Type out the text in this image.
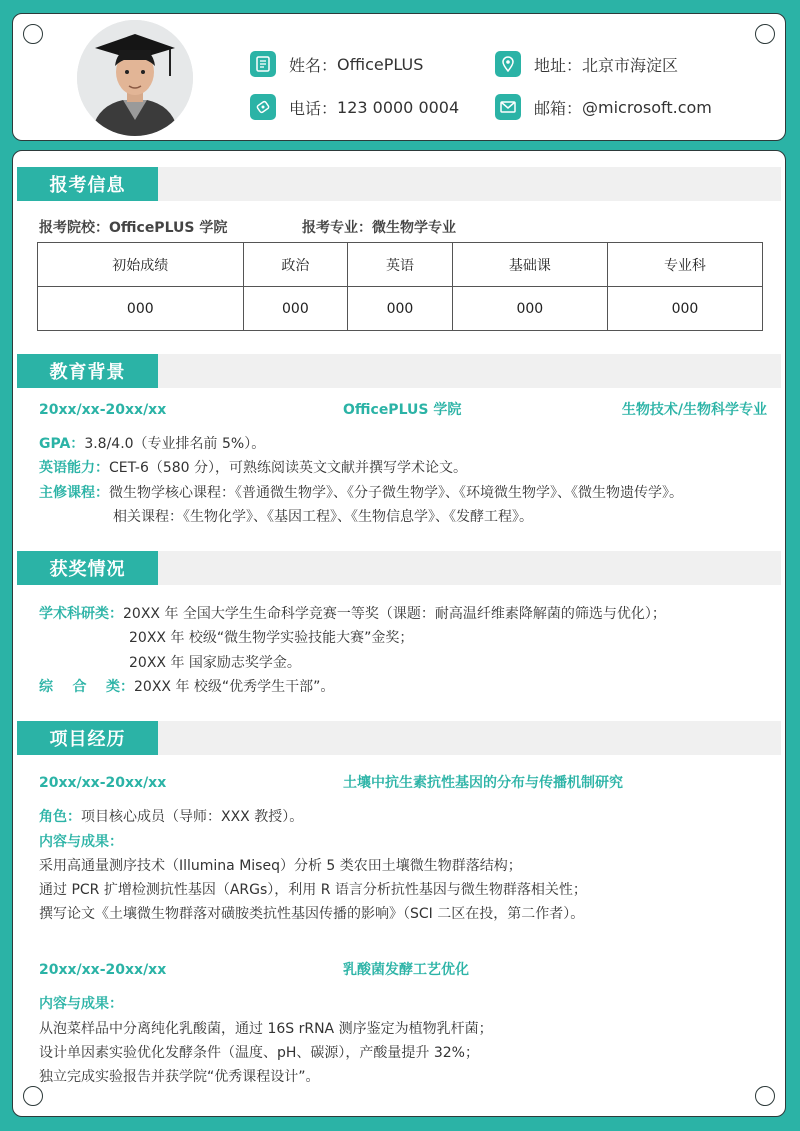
姓名： OfficePLUS	地址： 北京市海淀区
电话： 123 0000 0004	邮箱： @microsoft.com
报考信息
报考院校：OfficePLUS 学院	报考专业：微生物学专业
初始成绩	政治	英语	基础课	专业科
000	000	000	000	000
教育背景
20xx/xx-20xx/xx	OfficePLUS 学院	生物技术/生物科学专业
GPA：3.8/4.0（专业排名前 5%）。
英语能力：CET-6（580 分），可熟练阅读英文文献并撰写学术论文。
主修课程：微生物学核心课程：《普通微生物学》、《分子微生物学》、《环境微生物学》、《微生物遗传学》。
相关课程：《生物化学》、《基因工程》、《生物信息学》、《发酵工程》。
获奖情况
学术科研类：20XX 年 全国大学生生命科学竞赛一等奖（课题：耐高温纤维素降解菌的筛选与优化）；
20XX 年 校级“微生物学实验技能大赛”金奖；
20XX 年 国家励志奖学金。
综    合    类：20XX 年 校级“优秀学生干部”。
项目经历
20xx/xx-20xx/xx	土壤中抗生素抗性基因的分布与传播机制研究
角色：项目核心成员（导师：XXX 教授）。
内容与成果：
采用高通量测序技术（Illumina Miseq）分析 5 类农田土壤微生物群落结构；
通过 PCR 扩增检测抗性基因（ARGs），利用 R 语言分析抗性基因与微生物群落相关性；
撰写论文《土壤微生物群落对磺胺类抗性基因传播的影响》（SCI 二区在投，第二作者）。
20xx/xx-20xx/xx	乳酸菌发酵工艺优化
内容与成果：
从泡菜样品中分离纯化乳酸菌，通过 16S rRNA 测序鉴定为植物乳杆菌；
设计单因素实验优化发酵条件（温度、pH、碳源），产酸量提升 32%；
独立完成实验报告并获学院“优秀课程设计”。
